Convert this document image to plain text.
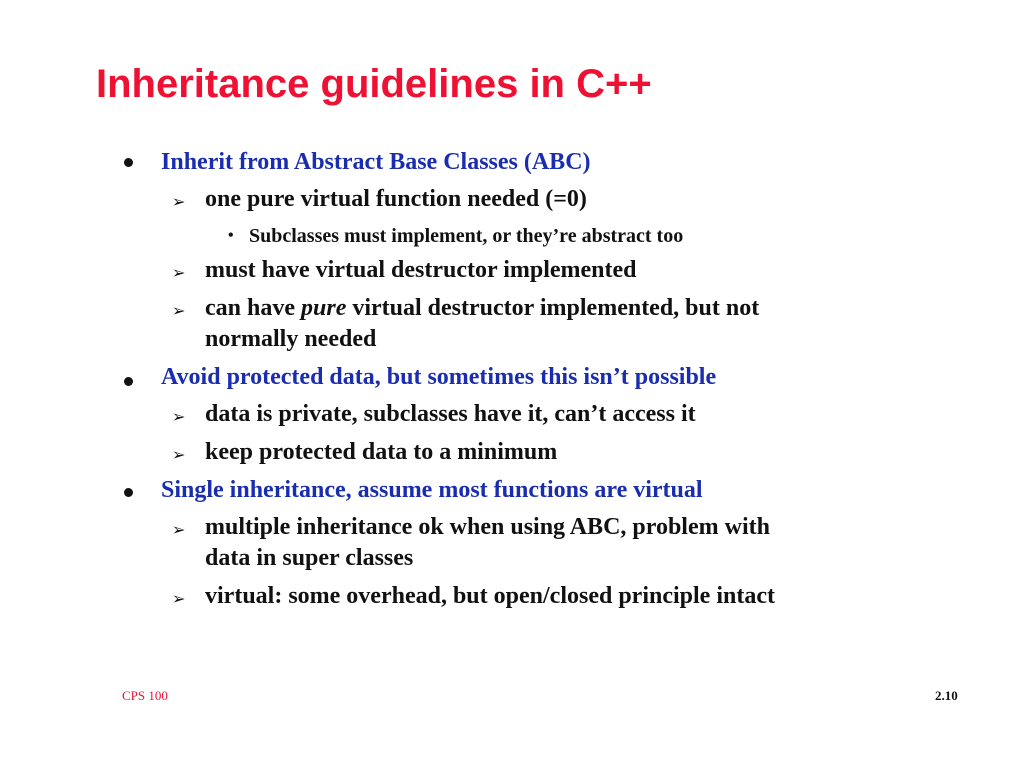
Inheritance guidelines in C++
Inherit from Abstract Base Classes (ABC)
➢ one pure virtual function needed (=0)
• Subclasses must implement, or they’re abstract too
➢ must have virtual destructor implemented
➢ can have pure virtual destructor implemented, but not
normally needed
Avoid protected data, but sometimes this isn’t possible
➢ data is private, subclasses have it, can’t access it
➢ keep protected data to a minimum
Single inheritance, assume most functions are virtual
➢ multiple inheritance ok when using ABC, problem with
data in super classes
➢ virtual: some overhead, but open/closed principle intact
CPS 100	2.10
